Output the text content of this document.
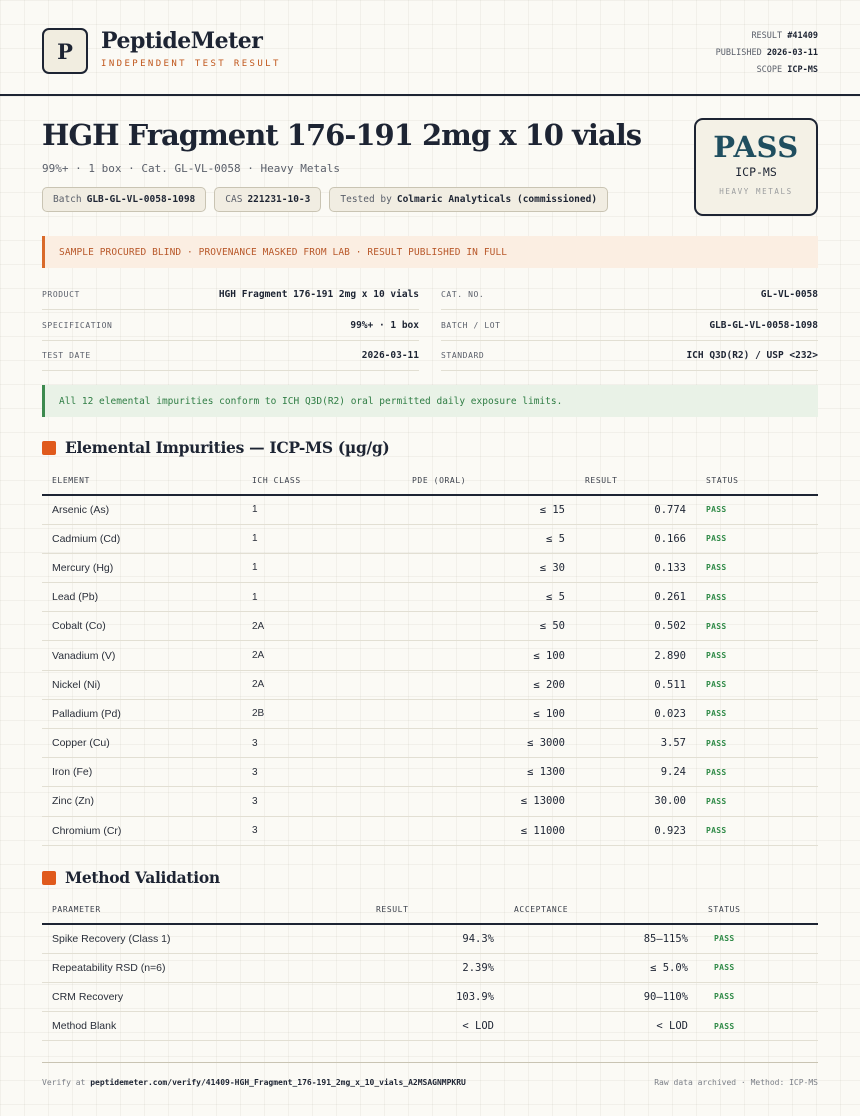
P	PeptideMeter
INDEPENDENT TEST RESULT
RESULT #41409
PUBLISHED 2026-03-11
SCOPE ICP-MS
HGH Fragment 176-191 2mg x 10 vials
99%+ · 1 box · Cat. GL-VL-0058 · Heavy Metals
Batch GLB-GL-VL-0058-1098	CAS 221231-10-3	Tested by Colmaric Analyticals (commissioned)
PASS
ICP-MS
HEAVY METALS
SAMPLE PROCURED BLIND · PROVENANCE MASKED FROM LAB · RESULT PUBLISHED IN FULL
PRODUCT	HGH Fragment 176-191 2mg x 10 vials
SPECIFICATION	99%+ · 1 box
TEST DATE	2026-03-11
CAT. NO.	GL-VL-0058
BATCH / LOT	GLB-GL-VL-0058-1098
STANDARD	ICH Q3D(R2) / USP <232>
All 12 elemental impurities conform to ICH Q3D(R2) oral permitted daily exposure limits.
Elemental Impurities — ICP-MS (µg/g)
ELEMENT	ICH CLASS	PDE (ORAL)	RESULT	STATUS
Arsenic (As)	1	≤ 15	0.774	PASS
Cadmium (Cd)	1	≤ 5	0.166	PASS
Mercury (Hg)	1	≤ 30	0.133	PASS
Lead (Pb)	1	≤ 5	0.261	PASS
Cobalt (Co)	2A	≤ 50	0.502	PASS
Vanadium (V)	2A	≤ 100	2.890	PASS
Nickel (Ni)	2A	≤ 200	0.511	PASS
Palladium (Pd)	2B	≤ 100	0.023	PASS
Copper (Cu)	3	≤ 3000	3.57	PASS
Iron (Fe)	3	≤ 1300	9.24	PASS
Zinc (Zn)	3	≤ 13000	30.00	PASS
Chromium (Cr)	3	≤ 11000	0.923	PASS
Method Validation
PARAMETER	RESULT	ACCEPTANCE	STATUS
Spike Recovery (Class 1)	94.3%	85–115%	PASS
Repeatability RSD (n=6)	2.39%	≤ 5.0%	PASS
CRM Recovery	103.9%	90–110%	PASS
Method Blank	< LOD	< LOD	PASS
Verify at peptidemeter.com/verify/41409-HGH_Fragment_176-191_2mg_x_10_vials_A2MSAGNMPKRU	Raw data archived · Method: ICP-MS
